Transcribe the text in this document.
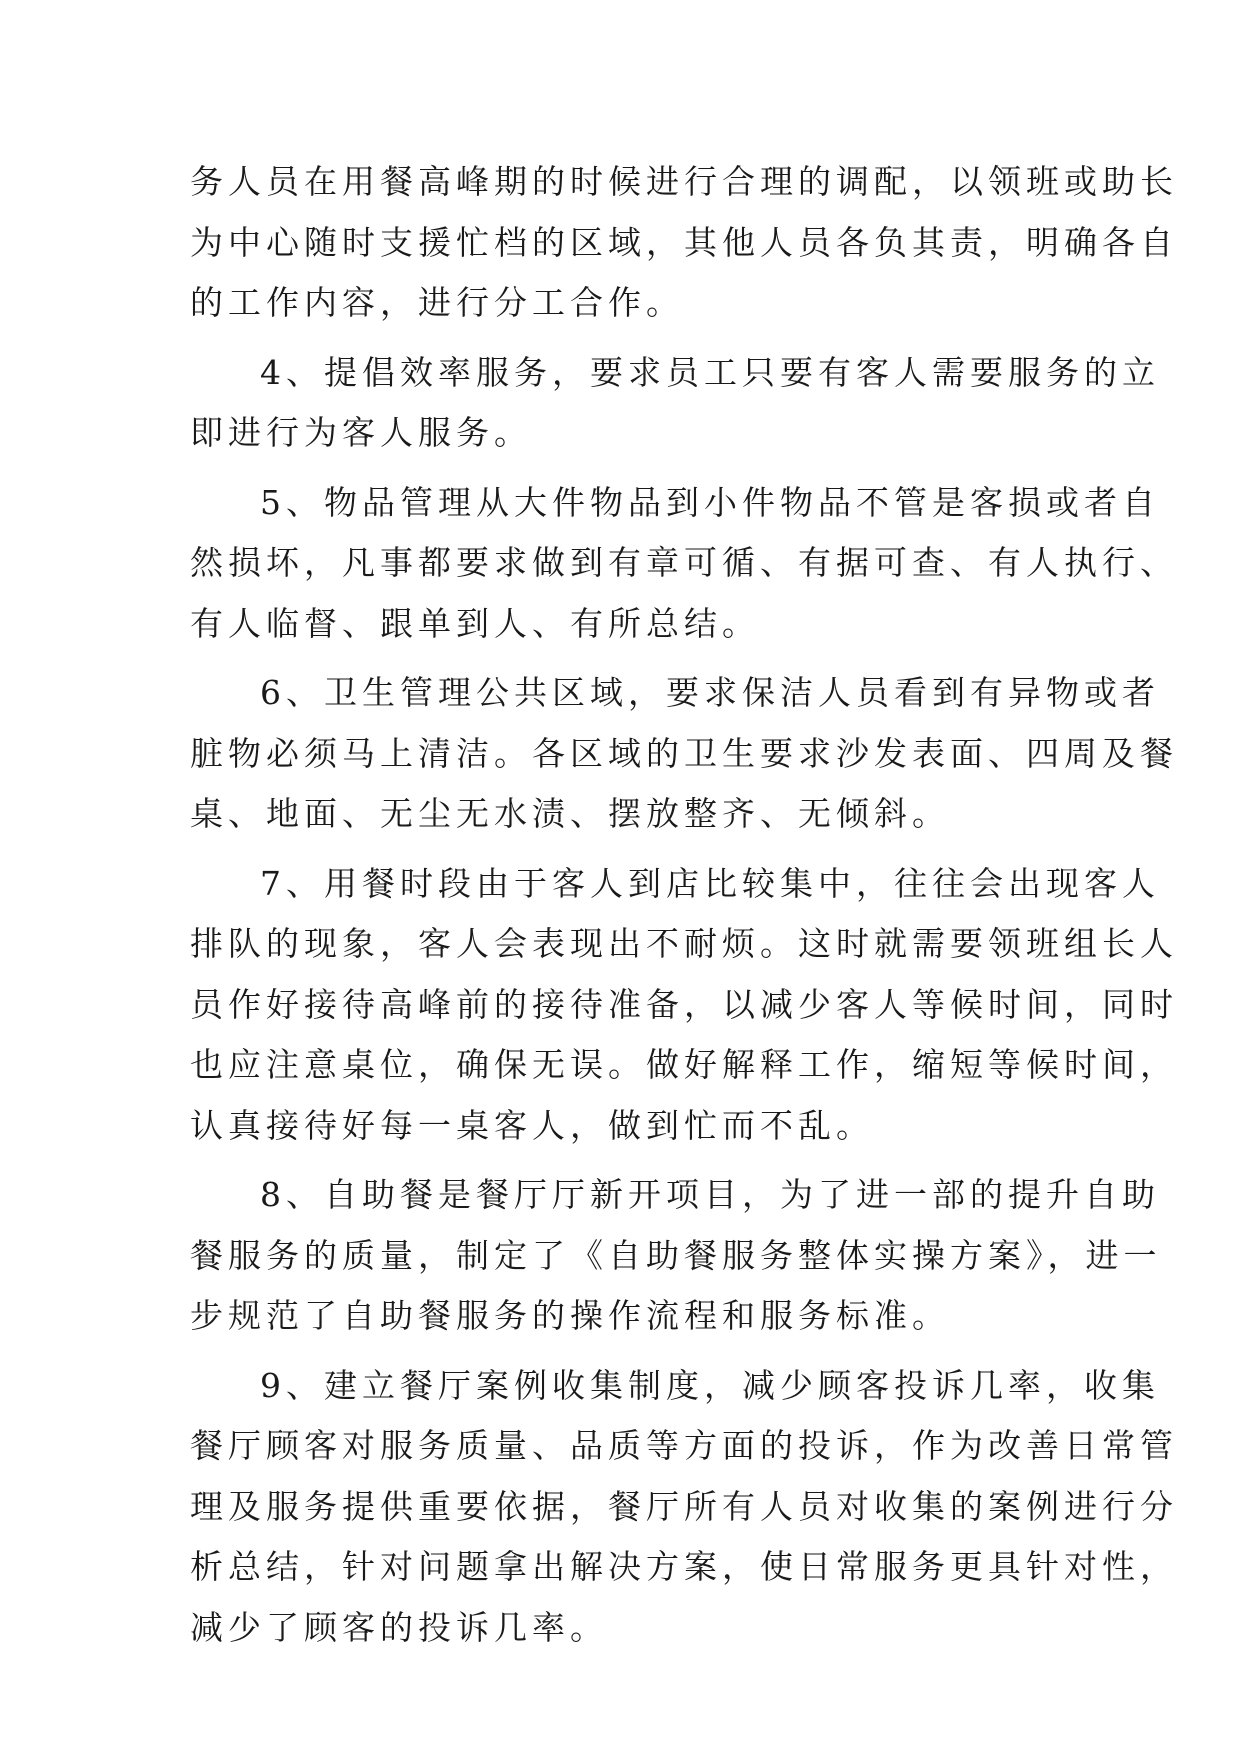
务人员在用餐高峰期的时候进行合理的调配，以领班或助长
为中心随时支援忙档的区域，其他人员各负其责，明确各自
的工作内容，进行分工合作。
4、提倡效率服务，要求员工只要有客人需要服务的立
即进行为客人服务。
5、物品管理从大件物品到小件物品不管是客损或者自
然损坏，凡事都要求做到有章可循、有据可查、有人执行、
有人临督、跟单到人、有所总结。
6、卫生管理公共区域，要求保洁人员看到有异物或者
脏物必须马上清洁。各区域的卫生要求沙发表面、四周及餐
桌、地面、无尘无水渍、摆放整齐、无倾斜。
7、用餐时段由于客人到店比较集中，往往会出现客人
排队的现象，客人会表现出不耐烦。这时就需要领班组长人
员作好接待高峰前的接待准备，以减少客人等候时间，同时
也应注意桌位，确保无误。做好解释工作，缩短等候时间，
认真接待好每一桌客人，做到忙而不乱。
8、自助餐是餐厅厅新开项目，为了进一部的提升自助
餐服务的质量，制定了《自助餐服务整体实操方案》，进一
步规范了自助餐服务的操作流程和服务标准。
9、建立餐厅案例收集制度，减少顾客投诉几率，收集
餐厅顾客对服务质量、品质等方面的投诉，作为改善日常管
理及服务提供重要依据，餐厅所有人员对收集的案例进行分
析总结，针对问题拿出解决方案，使日常服务更具针对性，
减少了顾客的投诉几率。
